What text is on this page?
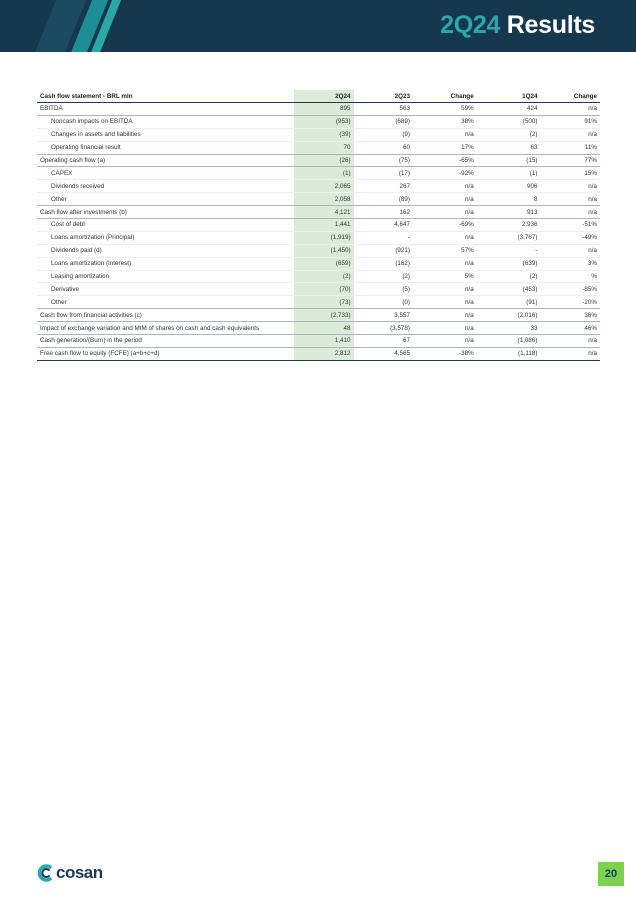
2Q24 Results
Cash flow statement - BRL mln	2Q24	2Q23	Change	1Q24	Change
EBITDA	895	563	59%	424	n/a
Noncash impacts on EBITDA	(953)	(689)	38%	(500)	91%
Changes in assets and liabilities	(39)	(9)	n/a	(2)	n/a
Operating financial result	70	60	17%	63	11%
Operating cash flow (a)	(26)	(75)	-65%	(15)	77%
CAPEX	(1)	(17)	-92%	(1)	15%
Dividends received	2,065	267	n/a	906	n/a
Other	2,058	(89)	n/a	8	n/a
Cash flow after investments (b)	4,121	162	n/a	913	n/a
Cost of debt	1,441	4,647	-69%	2,936	-51%
Loans amortization (Principal)	(1,919)	-	n/a	(3,767)	-49%
Dividends paid (d)	(1,450)	(921)	57%	-	n/a
Loans amortization (Interest)	(659)	(162)	n/a	(639)	3%
Leasing amortization	(2)	(2)	5%	(2)	%
Derivative	(70)	(5)	n/a	(453)	-85%
Other	(73)	(0)	n/a	(91)	-20%
Cash flow from financial activities (c)	(2,733)	3,557	n/a	(2,016)	36%
Impact of exchange variation and MtM of shares on cash and cash equivalents	48	(3,578)	n/a	33	46%
Cash generation/(Burn) in the period	1,410	67	n/a	(1,086)	n/a
Free cash flow to equity (FCFE) (a+b+c+d)	2,812	4,565	-38%	(1,118)	n/a
cosan	20
